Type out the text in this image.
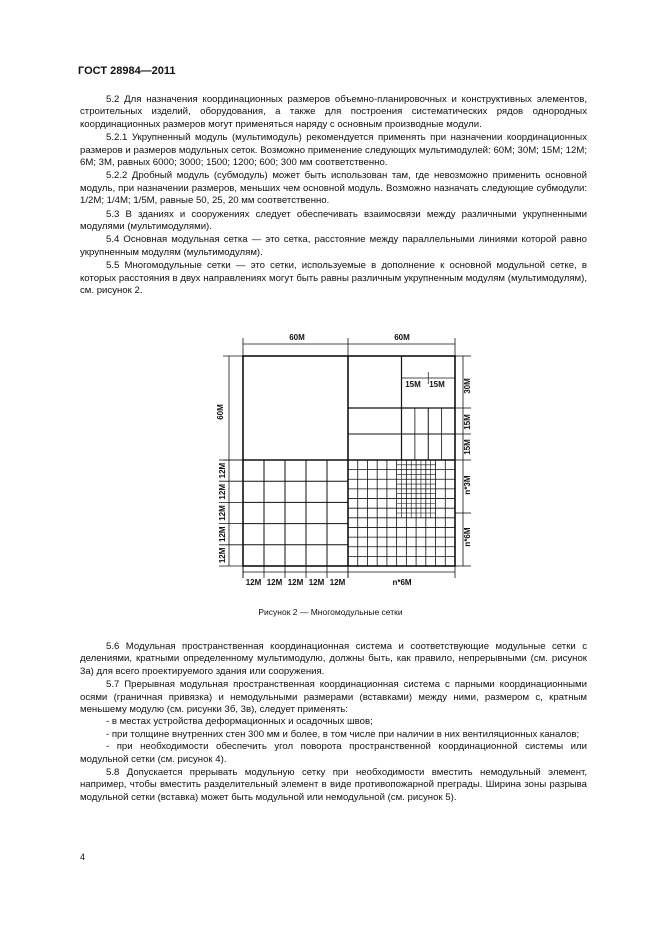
ГОСТ 28984—2011

5.2 Для назначения координационных размеров объемно-планировочных и конструктивных элементов, строительных изделий, оборудования, а также для построения систематических рядов однородных координационных размеров могут применяться наряду с основным производные модули.

5.2.1 Укрупненный модуль (мультимодуль) рекомендуется применять при назначении координационных размеров и размеров модульных сеток. Возможно применение следующих мультимодулей: 60М; 30М; 15М; 12М; 6М; 3М, равных 6000; 3000; 1500; 1200; 600; 300 мм соответственно.

5.2.2 Дробный модуль (субмодуль) может быть использован там, где невозможно применить основной модуль, при назначении размеров, меньших чем основной модуль. Возможно назначать следующие субмодули: 1/2М; 1/4М; 1/5М, равные 50, 25, 20 мм соответственно.

5.3 В зданиях и сооружениях следует обеспечивать взаимосвязи между различными укрупненными модулями (мультимодулями).

5.4 Основная модульная сетка — это сетка, расстояние между параллельными линиями которой равно укрупненным модулям (мультимодулям).

5.5 Многомодульные сетки — это сетки, используемые в дополнение к основной модульной сетке, в которых расстояния в двух направлениях могут быть равны различным укрупненным модулям (мультимодулям), см. рисунок 2.

60М	60М
60М
12М
12М
12М
12М
12М
12М 12М 12М 12М 12М	n*6М
15М 15М 30М
15М
15М
n*3М
n*6М
Рисунок 2 — Многомодульные сетки

5.6 Модульная пространственная координационная система и соответствующие модульные сетки с делениями, кратными определенному мультимодулю, должны быть, как правило, непрерывными (см. рисунок 3а) для всего проектируемого здания или сооружения.

5.7 Прерывная модульная пространственная координационная система с парными координационными осями (граничная привязка) и немодульными размерами (вставками) между ними, размером с, кратным меньшему модулю (см. рисунки 3б, 3в), следует применять:

- в местах устройства деформационных и осадочных швов;

- при толщине внутренних стен 300 мм и более, в том числе при наличии в них вентиляционных каналов;

- при необходимости обеспечить угол поворота пространственной координационной системы или модульной сетки (см. рисунок 4).

5.8 Допускается прерывать модульную сетку при необходимости вместить немодульный элемент, например, чтобы вместить разделительный элемент в виде противопожарной преграды. Ширина зоны разрыва модульной сетки (вставка) может быть модульной или немодульной (см. рисунок 5).

4
